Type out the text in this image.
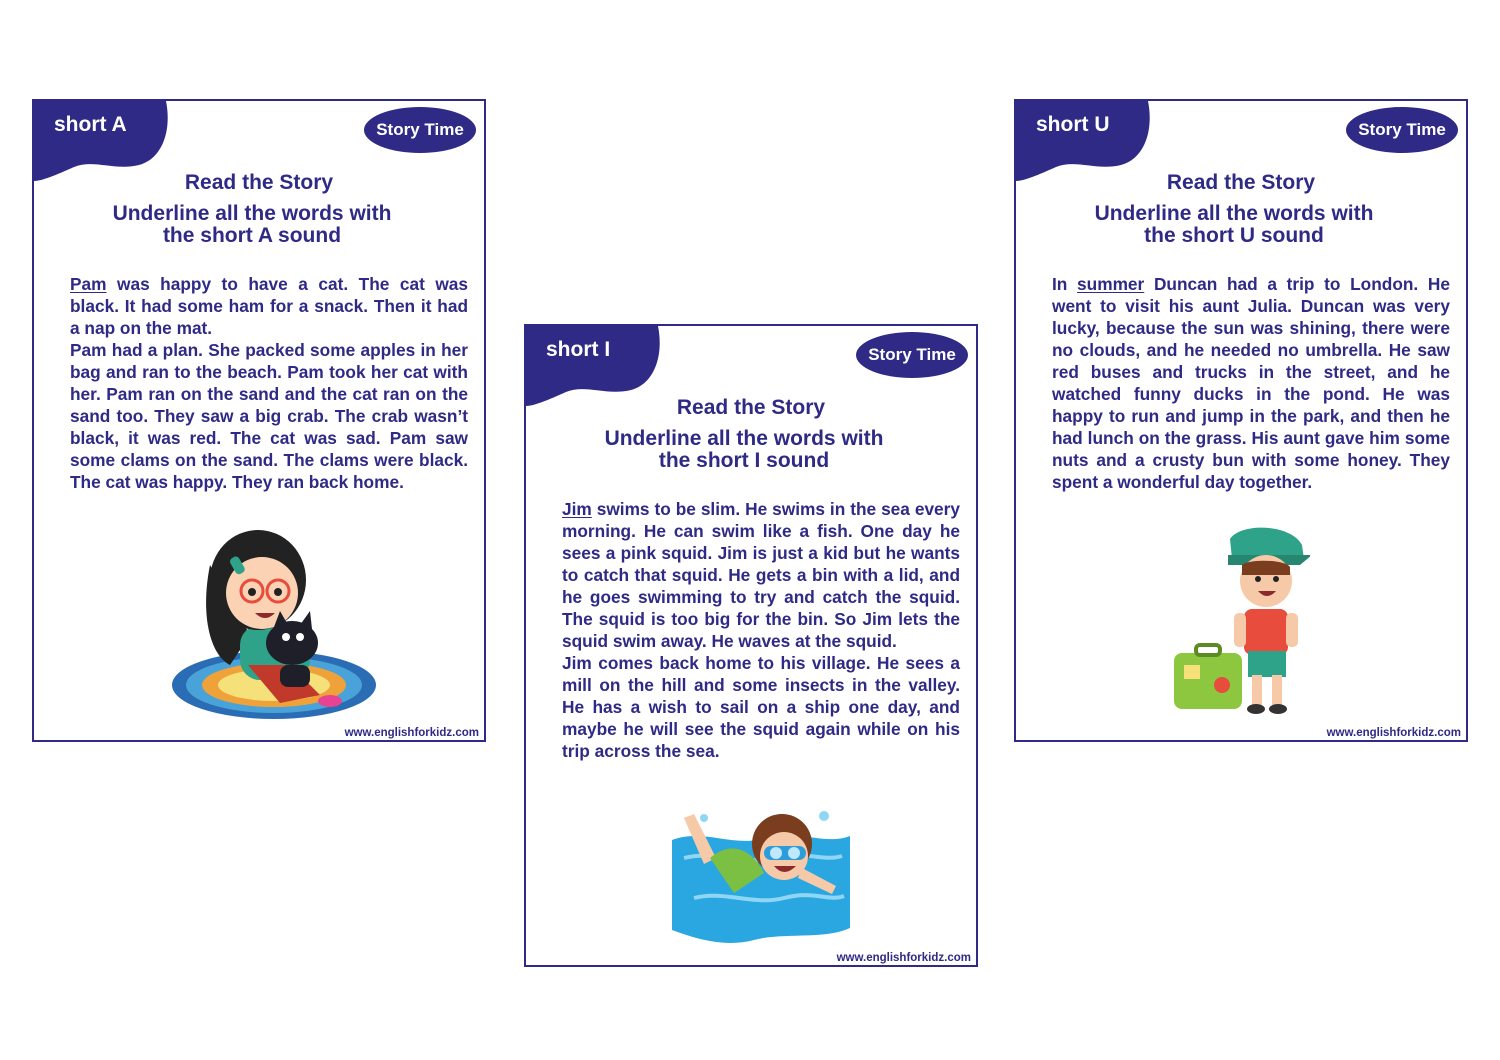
short A	Story Time
Read the Story
Underline all the words with
the short A sound

Pam was happy to have a cat. The cat was black. It had some ham for a snack. Then it had a nap on the mat.

Pam had a plan. She packed some apples in her bag and ran to the beach. Pam took her cat with her. Pam ran on the sand and the cat ran on the sand too. They saw a big crab. The crab wasn’t black, it was red. The cat was sad. Pam saw some clams on the sand. The clams were black. The cat was happy. They ran back home.

www.englishforkidz.com
short I	Story Time
Read the Story
Underline all the words with
the short I sound

Jim swims to be slim. He swims in the sea every morning. He can swim like a fish. One day he sees a pink squid. Jim is just a kid but he wants to catch that squid. He gets a bin with a lid, and he goes swimming to try and catch the squid. The squid is too big for the bin. So Jim lets the squid swim away. He waves at the squid.

Jim comes back home to his village. He sees a mill on the hill and some insects in the valley. He has a wish to sail on a ship one day, and maybe he will see the squid again while on his trip across the sea.

www.englishforkidz.com
short U	Story Time
Read the Story
Underline all the words with
the short U sound

In summer Duncan had a trip to London. He went to visit his aunt Julia. Duncan was very lucky, because the sun was shining, there were no clouds, and he needed no umbrella. He saw red buses and trucks in the street, and he watched funny ducks in the pond. He was happy to run and jump in the park, and then he had lunch on the grass. His aunt gave him some nuts and a crusty bun with some honey. They spent a wonderful day together.

www.englishforkidz.com
